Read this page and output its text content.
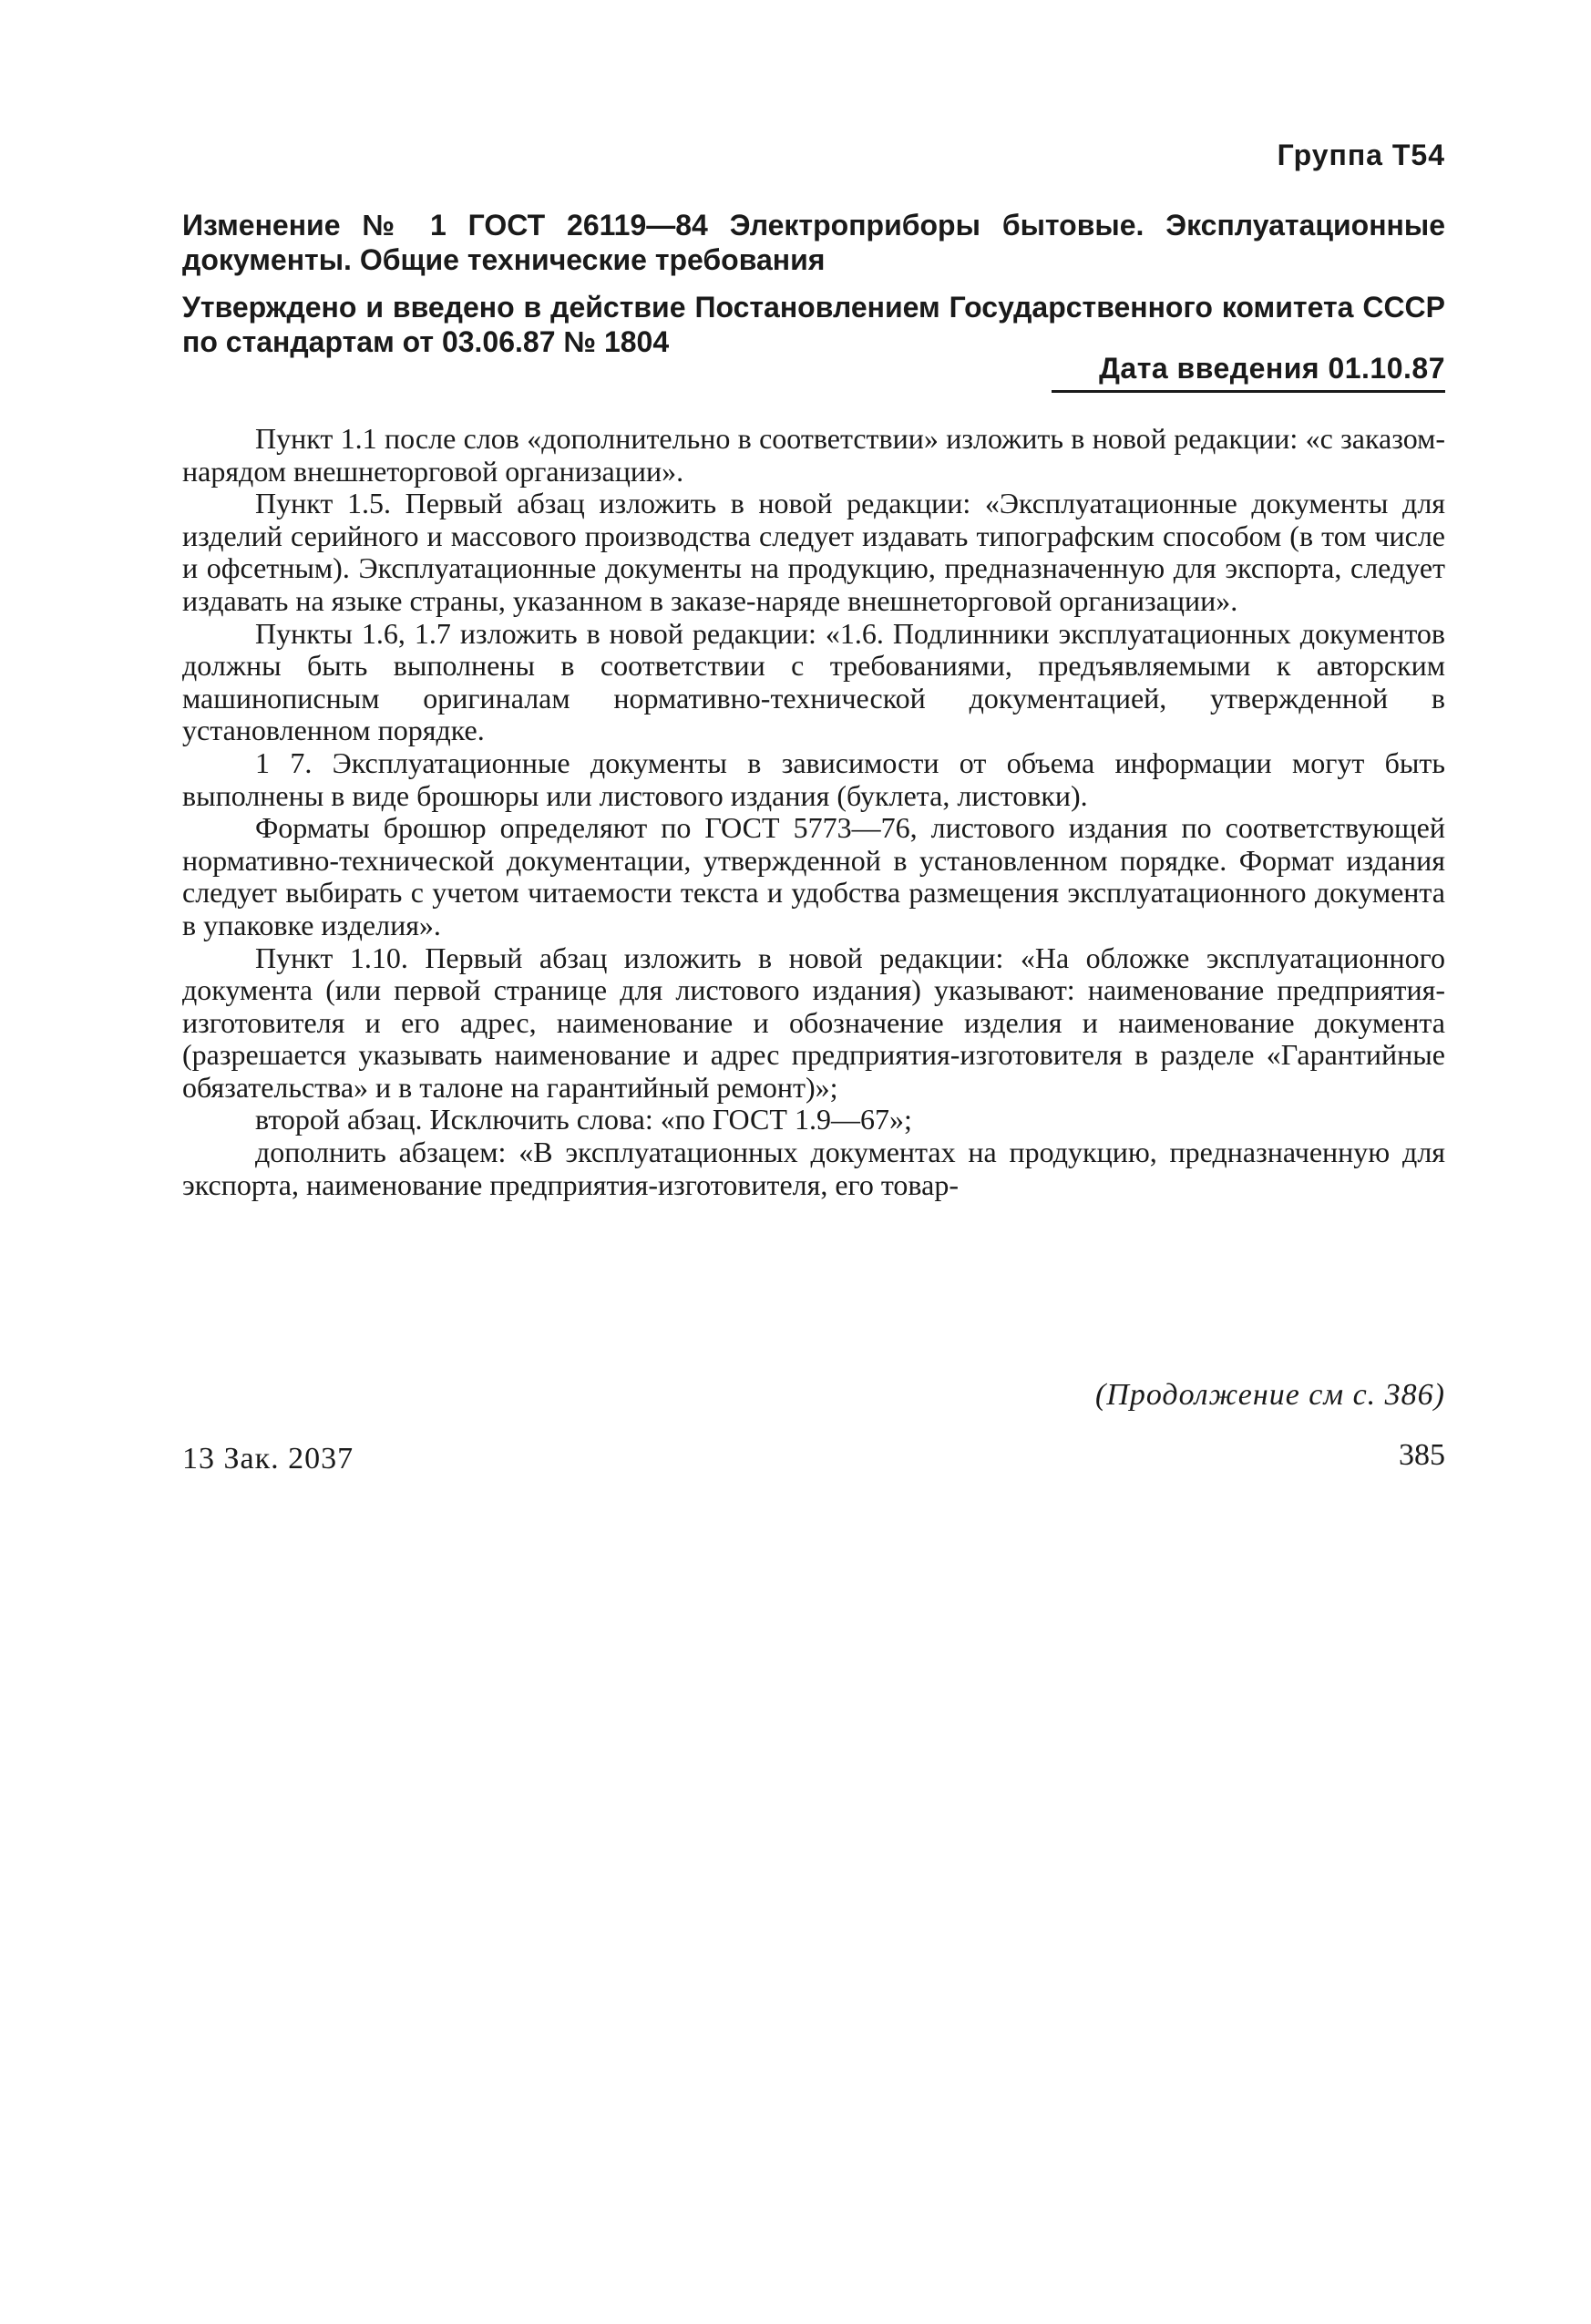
Группа Т54
Изменение № 1 ГОСТ 26119—84 Электроприборы бытовые. Эксплуатационные документы. Общие технические требования
Утверждено и введено в действие Постановлением Государственного комитета СССР по стандартам от 03.06.87 № 1804
Дата введения 01.10.87

Пункт 1.1 после слов «дополнительно в соответствии» изложить в новой редакции: «с заказом-нарядом внешнеторговой организации».

Пункт 1.5. Первый абзац изложить в новой редакции: «Эксплуатационные документы для изделий серийного и массового производства следует издавать типографским способом (в том числе и офсетным). Эксплуатационные документы на продукцию, предназначенную для экспорта, следует издавать на языке страны, указанном в заказе-наряде внешнеторговой организации».

Пункты 1.6, 1.7 изложить в новой редакции: «1.6. Подлинники эксплуатационных документов должны быть выполнены в соответствии с требованиями, предъявляемыми к авторским машинописным оригиналам нормативно-технической документацией, утвержденной в установленном порядке.

1 7. Эксплуатационные документы в зависимости от объема информации могут быть выполнены в виде брошюры или листового издания (буклета, листовки).

Форматы брошюр определяют по ГОСТ 5773—76, листового издания по соответствующей нормативно-технической документации, утвержденной в установленном порядке. Формат издания следует выбирать с учетом читаемости текста и удобства размещения эксплуатационного документа в упаковке изделия».

Пункт 1.10. Первый абзац изложить в новой редакции: «На обложке эксплуатационного документа (или первой странице для листового издания) указывают: наименование предприятия-изготовителя и его адрес, наименование и обозначение изделия и наименование документа (разрешается указывать наименование и адрес предприятия-изготовителя в разделе «Гарантийные обязательства» и в талоне на гарантийный ремонт)»;

второй абзац. Исключить слова: «по ГОСТ 1.9—67»;

дополнить абзацем: «В эксплуатационных документах на продукцию, предназначенную для экспорта, наименование предприятия-изготовителя, его товар-

(Продолжение см с. 386)
13 Зак. 2037	385
